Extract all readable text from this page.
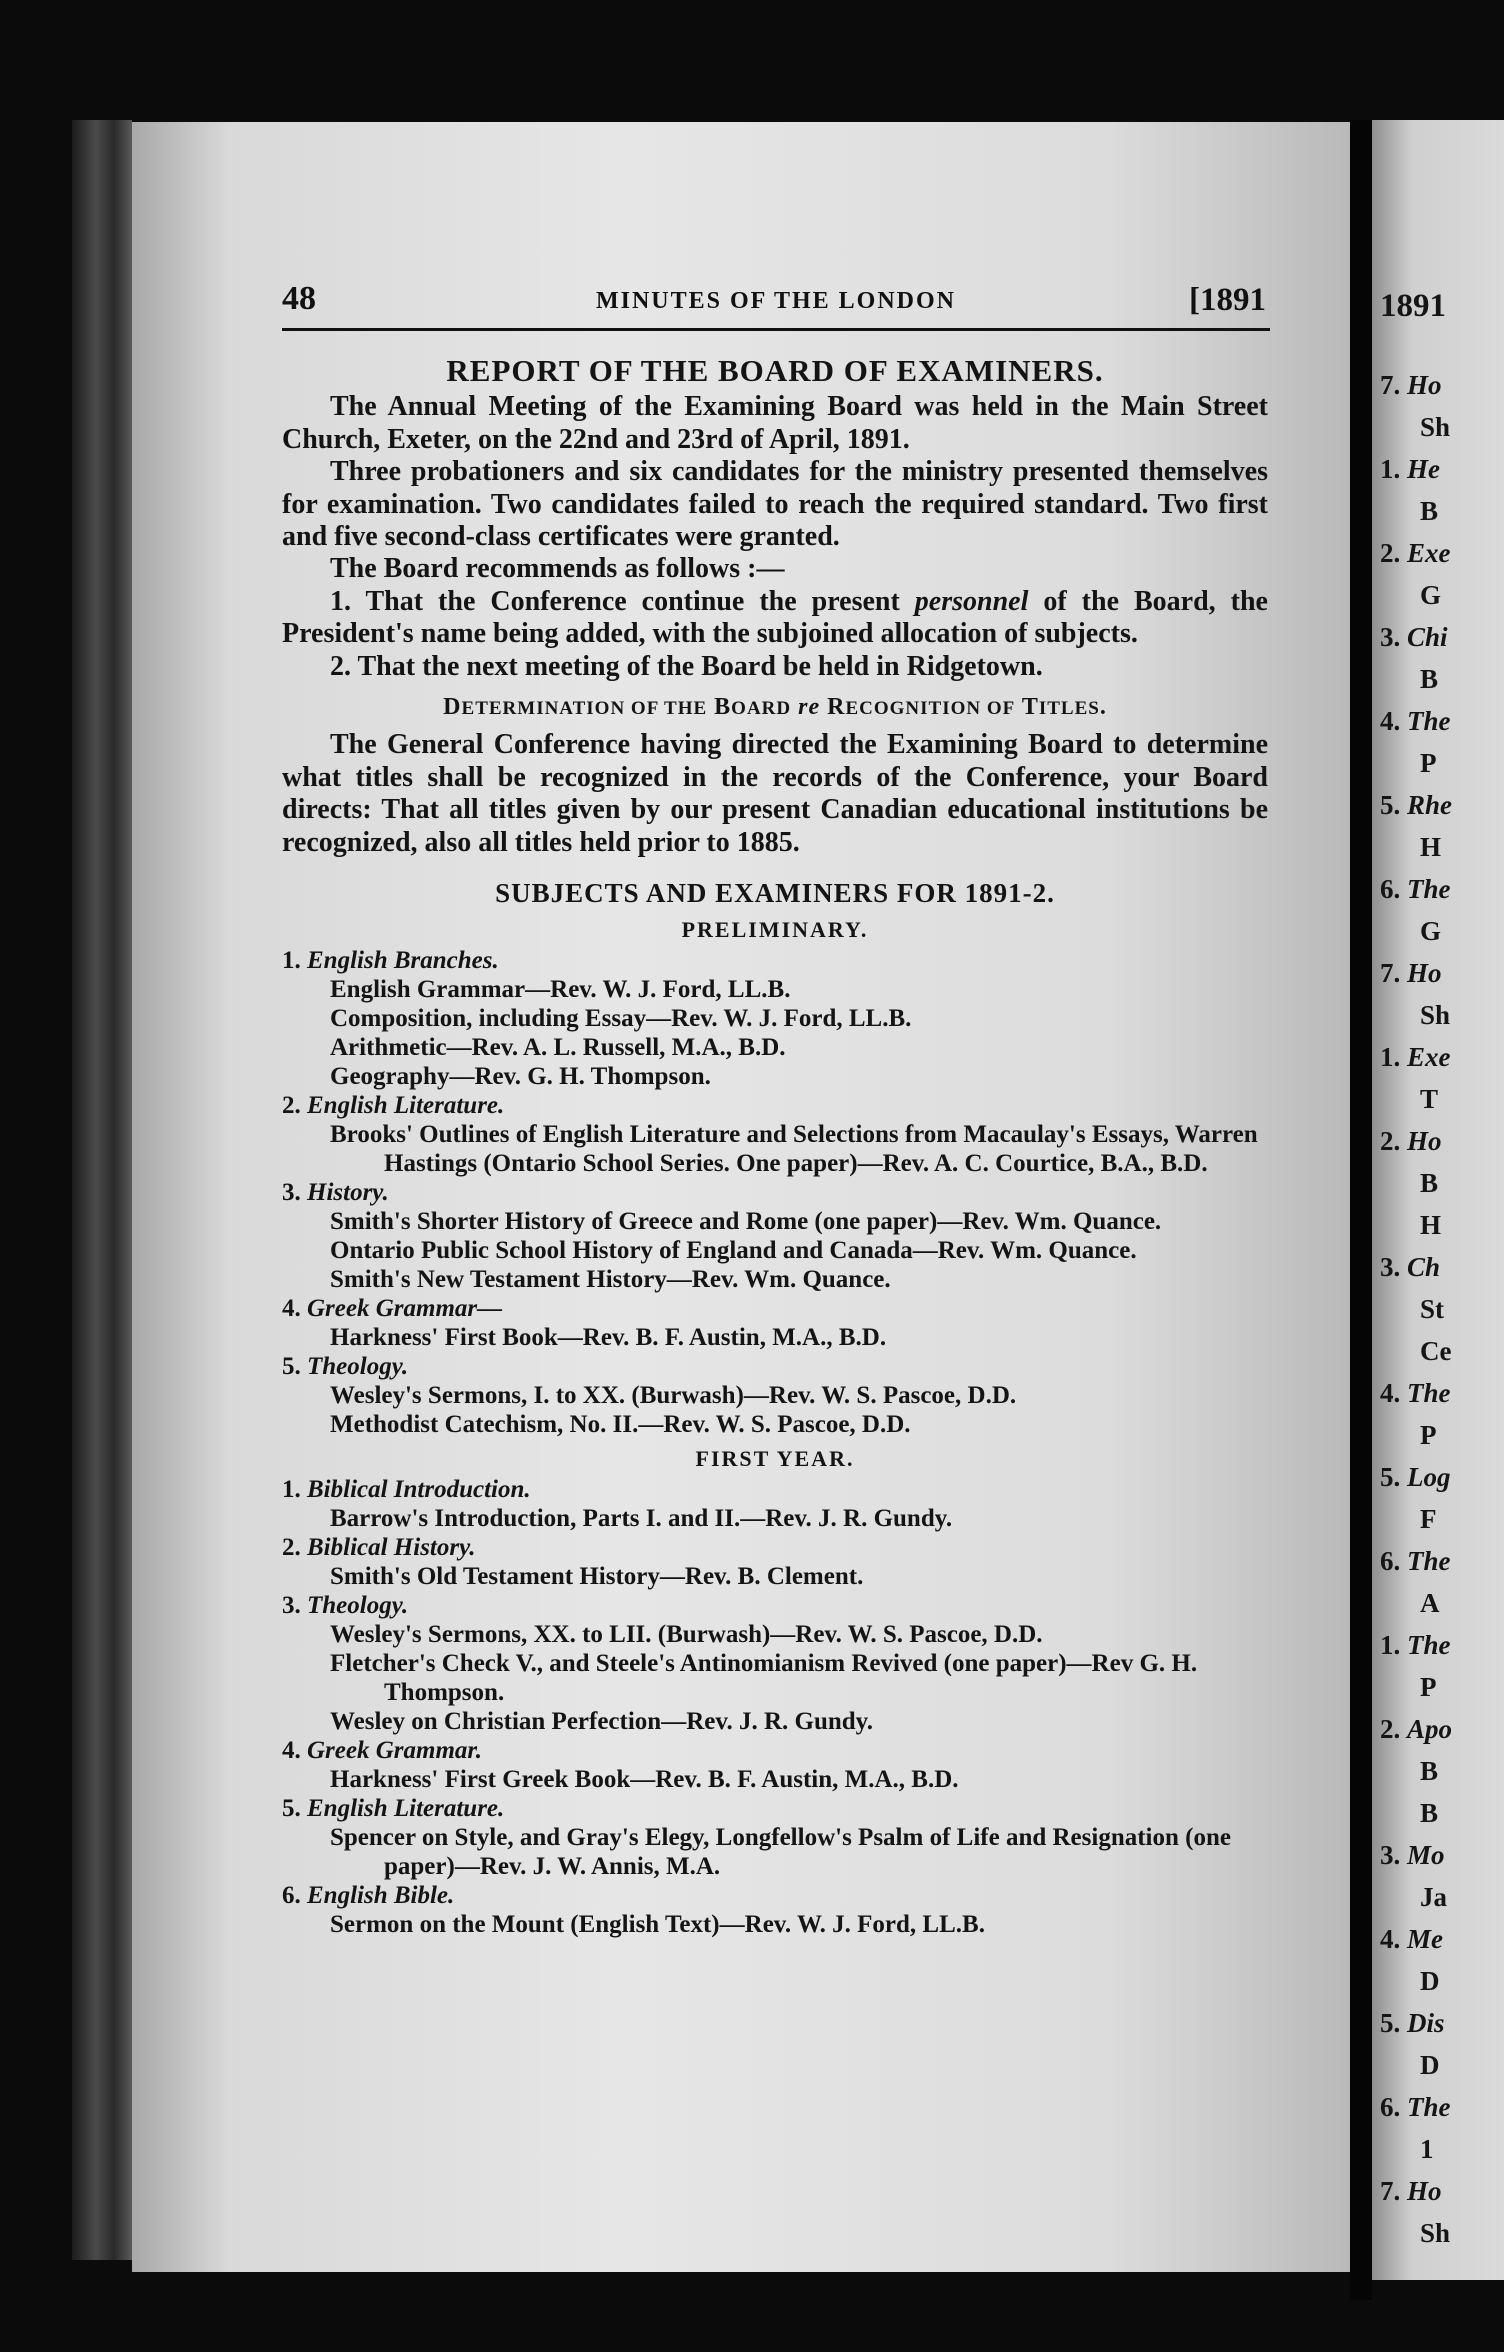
1891
7. Ho
Sh
1. He
B
2. Exe
G
3. Chi
B
4. The
P
5. Rhe
H
6. The
G
7. Ho
Sh
1. Exe
T
2. Ho
B
H
3. Ch
St
Ce
4. The
P
5. Log
F
6. The
A
1. The
P
2. Apo
B
B
3. Mo
Ja
4. Me
D
5. Dis
D
6. The
1
7. Ho
Sh
48	MINUTES OF THE LONDON	[1891

REPORT OF THE BOARD OF EXAMINERS.

The Annual Meeting of the Examining Board was held in the Main Street Church, Exeter, on the 22nd and 23rd of April, 1891.

Three probationers and six candidates for the ministry presented themselves for examination. Two candidates failed to reach the required standard. Two first and five second-class certificates were granted.

The Board recommends as follows :—

1. That the Conference continue the present personnel of the Board, the President's name being added, with the subjoined allocation of subjects.

2. That the next meeting of the Board be held in Ridgetown.

DETERMINATION OF THE BOARD re RECOGNITION OF TITLES.

The General Conference having directed the Examining Board to determine what titles shall be recognized in the records of the Conference, your Board directs: That all titles given by our present Canadian educational institutions be recognized, also all titles held prior to 1885.

SUBJECTS AND EXAMINERS FOR 1891-2.

PRELIMINARY.

1. English Branches.
English Grammar—Rev. W. J. Ford, LL.B.
Composition, including Essay—Rev. W. J. Ford, LL.B.
Arithmetic—Rev. A. L. Russell, M.A., B.D.
Geography—Rev. G. H. Thompson.
2. English Literature.
Brooks' Outlines of English Literature and Selections from Macaulay's Essays, Warren Hastings (Ontario School Series. One paper)—Rev. A. C. Courtice, B.A., B.D.
3. History.
Smith's Shorter History of Greece and Rome (one paper)—Rev. Wm. Quance.
Ontario Public School History of England and Canada—Rev. Wm. Quance.
Smith's New Testament History—Rev. Wm. Quance.
4. Greek Grammar—
Harkness' First Book—Rev. B. F. Austin, M.A., B.D.
5. Theology.
Wesley's Sermons, I. to XX. (Burwash)—Rev. W. S. Pascoe, D.D.
Methodist Catechism, No. II.—Rev. W. S. Pascoe, D.D.

FIRST YEAR.

1. Biblical Introduction.
Barrow's Introduction, Parts I. and II.—Rev. J. R. Gundy.
2. Biblical History.
Smith's Old Testament History—Rev. B. Clement.
3. Theology.
Wesley's Sermons, XX. to LII. (Burwash)—Rev. W. S. Pascoe, D.D.
Fletcher's Check V., and Steele's Antinomianism Revived (one paper)—Rev G. H. Thompson.
Wesley on Christian Perfection—Rev. J. R. Gundy.
4. Greek Grammar.
Harkness' First Greek Book—Rev. B. F. Austin, M.A., B.D.
5. English Literature.
Spencer on Style, and Gray's Elegy, Longfellow's Psalm of Life and Resignation (one paper)—Rev. J. W. Annis, M.A.
6. English Bible.
Sermon on the Mount (English Text)—Rev. W. J. Ford, LL.B.
